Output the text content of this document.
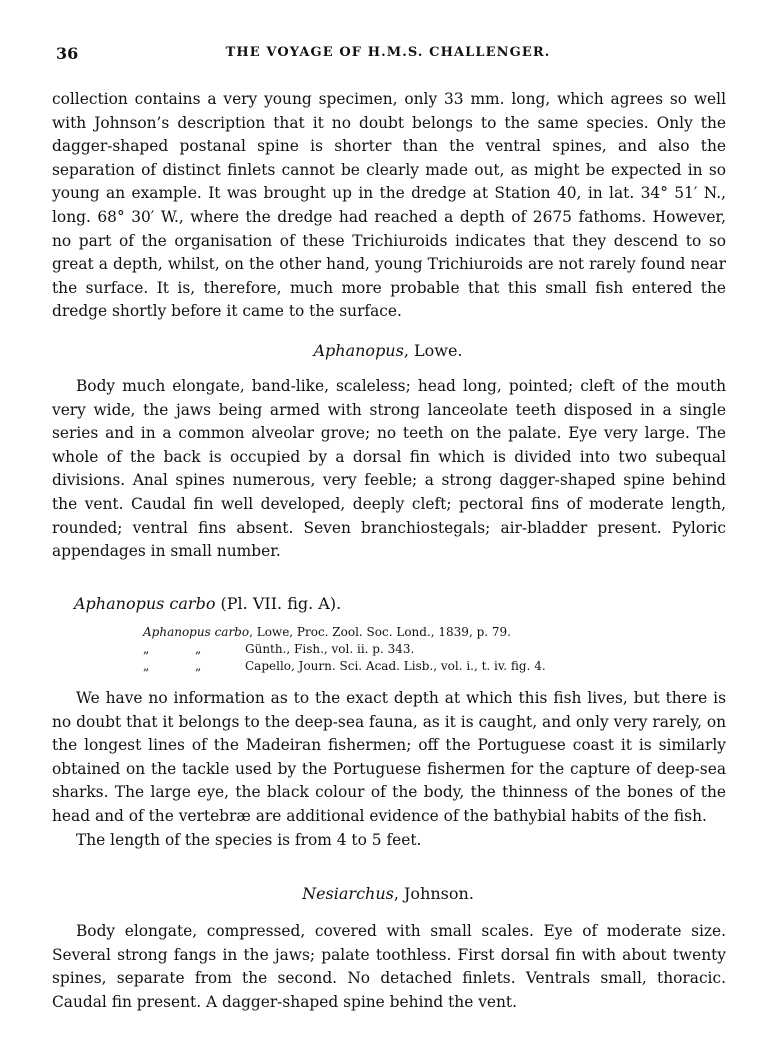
36	THE VOYAGE OF H.M.S. CHALLENGER.

collection contains a very young specimen, only 33 mm. long, which agrees so well with Johnson’s description that it no doubt belongs to the same species. Only the dagger-shaped postanal spine is shorter than the ventral spines, and also the separation of distinct finlets cannot be clearly made out, as might be expected in so young an example. It was brought up in the dredge at Station 40, in lat. 34° 51′ N., long. 68° 30′ W., where the dredge had reached a depth of 2675 fathoms. However, no part of the organisation of these Trichiuroids indicates that they descend to so great a depth, whilst, on the other hand, young Trichiuroids are not rarely found near the surface. It is, therefore, much more probable that this small fish entered the dredge shortly before it came to the surface.

Aphanopus, Lowe.

Body much elongate, band-like, scaleless; head long, pointed; cleft of the mouth very wide, the jaws being armed with strong lanceolate teeth disposed in a single series and in a common alveolar grove; no teeth on the palate. Eye very large. The whole of the back is occupied by a dorsal fin which is divided into two subequal divisions. Anal spines numerous, very feeble; a strong dagger-shaped spine behind the vent. Caudal fin well developed, deeply cleft; pectoral fins of moderate length, rounded; ventral fins absent. Seven branchiostegals; air-bladder present. Pyloric appendages in small number.

Aphanopus carbo (Pl. VII. fig. A).
Aphanopus carbo, Lowe, Proc. Zool. Soc. Lond., 1839, p. 79.
„	„	Günth., Fish., vol. ii. p. 343.
„	„	Capello, Journ. Sci. Acad. Lisb., vol. i., t. iv. fig. 4.

We have no information as to the exact depth at which this fish lives, but there is no doubt that it belongs to the deep-sea fauna, as it is caught, and only very rarely, on the longest lines of the Madeiran fishermen; off the Portuguese coast it is similarly obtained on the tackle used by the Portuguese fishermen for the capture of deep-sea sharks. The large eye, the black colour of the body, the thinness of the bones of the head and of the vertebræ are additional evidence of the bathybial habits of the fish.

The length of the species is from 4 to 5 feet.

Nesiarchus, Johnson.

Body elongate, compressed, covered with small scales. Eye of moderate size. Several strong fangs in the jaws; palate toothless. First dorsal fin with about twenty spines, separate from the second. No detached finlets. Ventrals small, thoracic. Caudal fin present. A dagger-shaped spine behind the vent.
